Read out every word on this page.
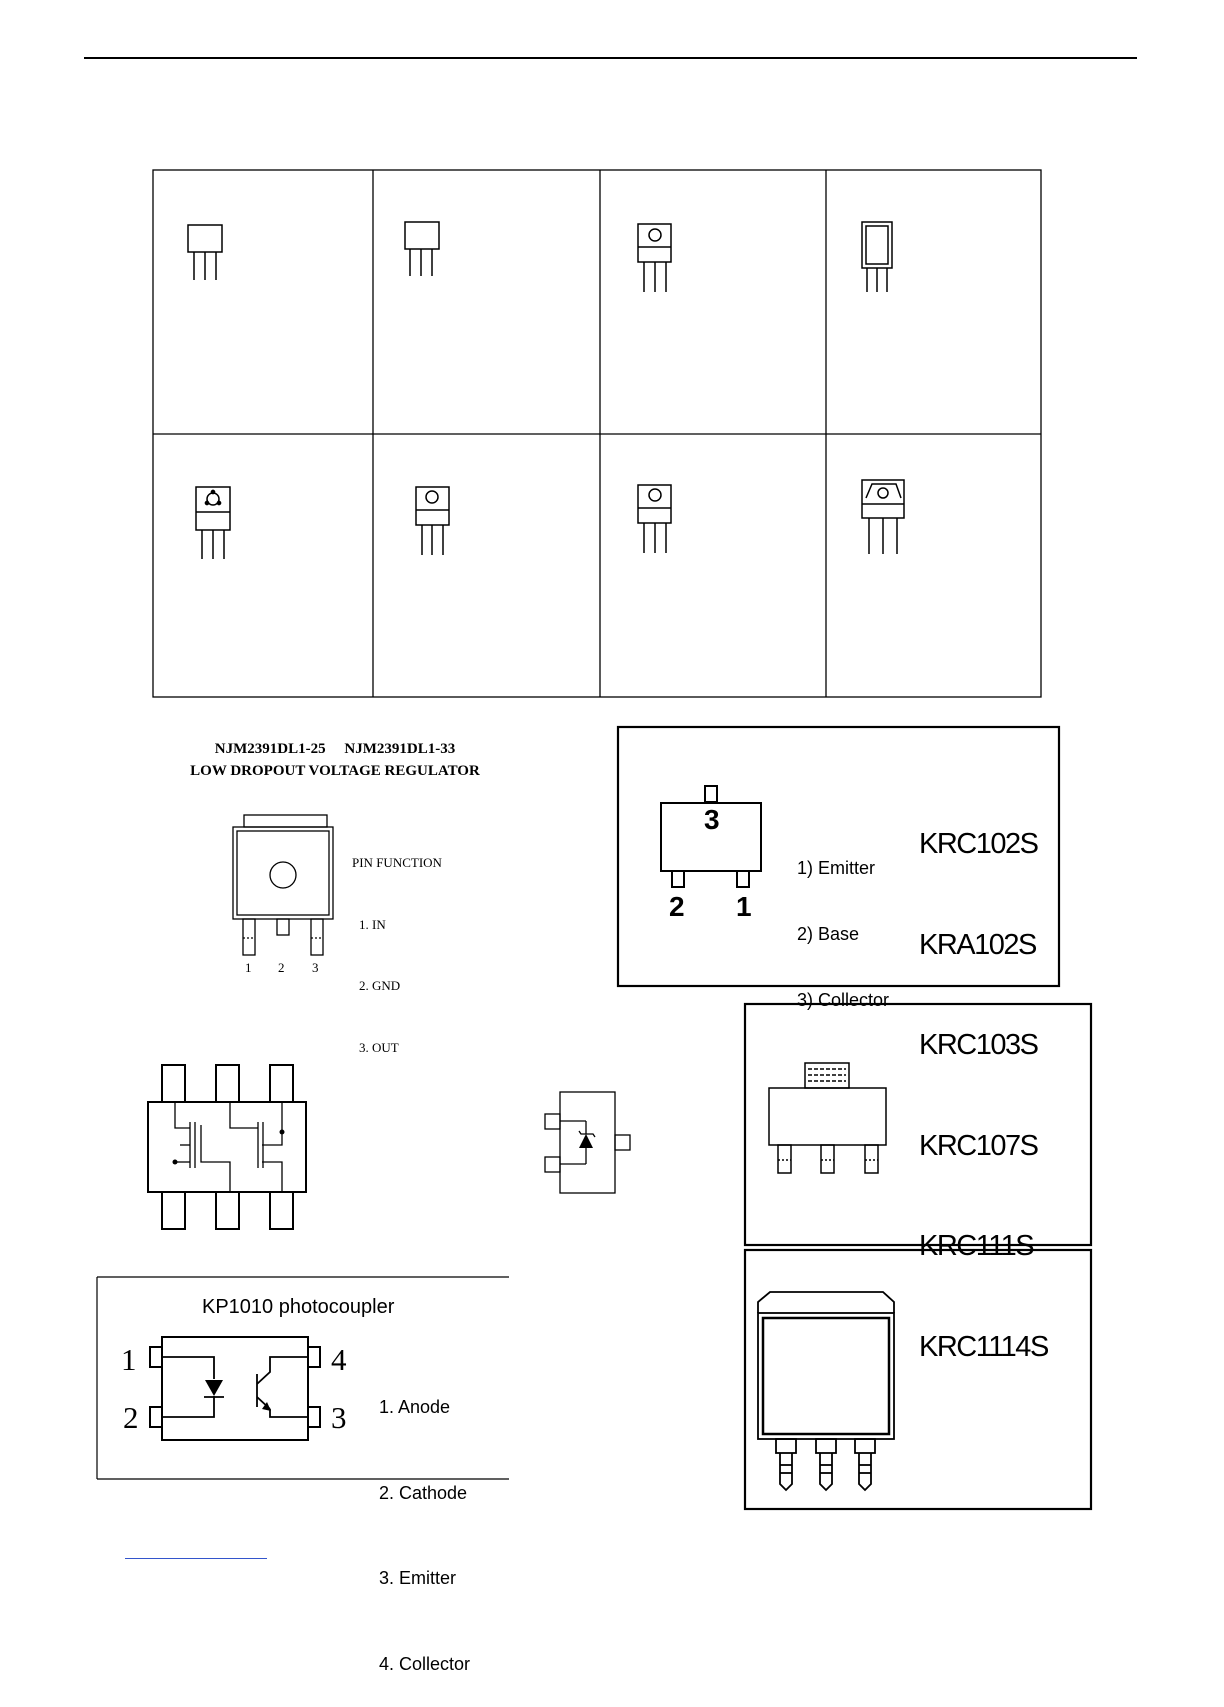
NJM2391DL1-25     NJM2391DL1-33
LOW DROPOUT VOLTAGE REGULATOR
1 2 3

PIN FUNCTION

1. IN

2. GND

3. OUT

3
2 1

1) Emitter

2) Base

3) Collector

KRC102S

KRA102S

KRC103S

KRC107S

KRC111S

KRC1114S

KP1010 photocoupler
1
2
4
3

1. Anode

2. Cathode

3. Emitter

4. Collector
